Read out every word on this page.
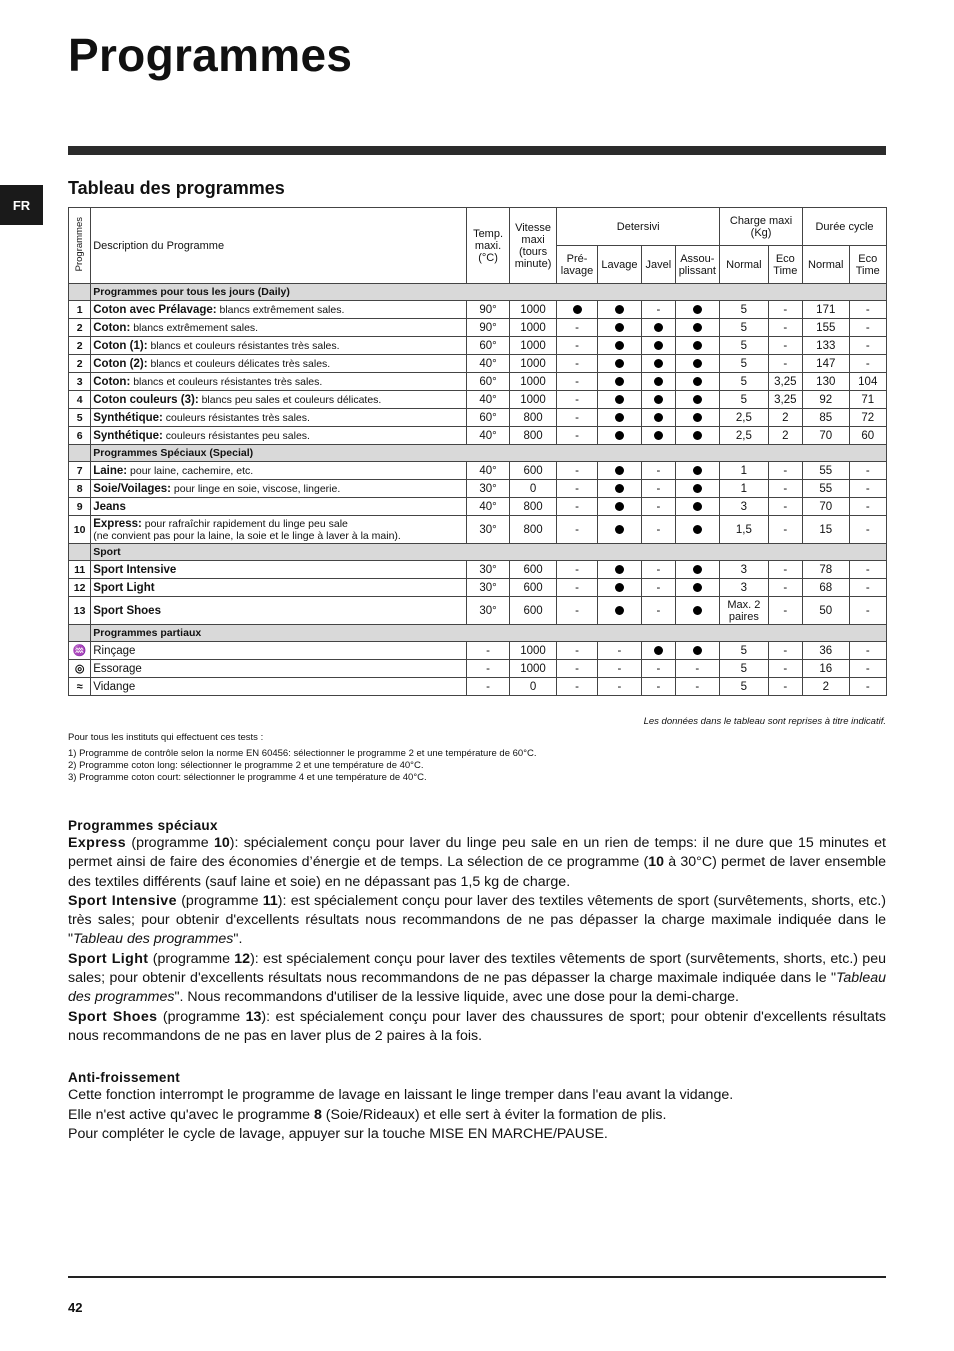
Programmes
FR
Tableau des programmes
Programmes	Description du Programme	Temp. maxi. (°C)	Vitesse maxi (tours minute)	Detersivi				Charge maxi (Kg)		Durée cycle	
				Pré- lavage	Lavage	Javel	Assou- plissant	Normal	Eco Time	Normal	Eco Time
	Programmes pour tous les jours (Daily)										
1	Coton avec Prélavage: blancs extrêmement sales.	90°	1000			-		5	-	171	-
2	Coton: blancs extrêmement sales.	90°	1000	-				5	-	155	-
2	Coton (1): blancs et couleurs résistantes très sales.	60°	1000	-				5	-	133	-
2	Coton (2): blancs et couleurs délicates très sales.	40°	1000	-				5	-	147	-
3	Coton: blancs et couleurs résistantes très sales.	60°	1000	-				5	3,25	130	104
4	Coton couleurs (3): blancs peu sales et couleurs délicates.	40°	1000	-				5	3,25	92	71
5	Synthétique: couleurs résistantes très sales.	60°	800	-				2,5	2	85	72
6	Synthétique: couleurs résistantes peu sales.	40°	800	-				2,5	2	70	60
	Programmes Spéciaux (Special)										
7	Laine: pour laine, cachemire, etc.	40°	600	-		-		1	-	55	-
8	Soie/Voilages: pour linge en soie, viscose, lingerie.	30°	0	-		-		1	-	55	-
9	Jeans	40°	800	-		-		3	-	70	-
10	Express: pour rafraîchir rapidement du linge peu sale
(ne convient pas pour la laine, la soie et le linge à laver à la main).	30°	800	-		-		1,5	-	15	-
	Sport										
11	Sport Intensive	30°	600	-		-		3	-	78	-
12	Sport Light	30°	600	-		-		3	-	68	-
13	Sport Shoes	30°	600	-		-		Max. 2 paires	-	50	-
	Programmes partiaux										
♒	Rinçage	-	1000	-	-			5	-	36	-
◎	Essorage	-	1000	-	-	-	-	5	-	16	-
≈	Vidange	-	0	-	-	-	-	5	-	2	-
Les données dans le tableau sont reprises à titre indicatif.
Pour tous les instituts qui effectuent ces tests :
1) Programme de contrôle selon la norme EN 60456: sélectionner le programme 2 et une température de 60°C.
2) Programme coton long: sélectionner le programme 2 et une température de 40°C.
3) Programme coton court: sélectionner le programme 4 et une température de 40°C.
Programmes spéciaux

Express (programme 10): spécialement conçu pour laver du linge peu sale en un rien de temps: il ne dure que 15 minutes et permet ainsi de faire des économies d’énergie et de temps. La sélection de ce programme (10 à 30°C) permet de laver ensemble des textiles différents (sauf laine et soie) en ne dépassant pas 1,5 kg de charge.

Sport Intensive (programme 11): est spécialement conçu pour laver des textiles vêtements de sport (survêtements, shorts, etc.) très sales; pour obtenir d'excellents résultats nous recommandons de ne pas dépasser la charge maximale indiquée dans le "Tableau des programmes".

Sport Light (programme 12): est spécialement conçu pour laver des textiles vêtements de sport (survêtements, shorts, etc.) peu sales; pour obtenir d'excellents résultats nous recommandons de ne pas dépasser la charge maximale indiquée dans le "Tableau des programmes". Nous recommandons d'utiliser de la lessive liquide, avec une dose pour la demi-charge.

Sport Shoes (programme 13): est spécialement conçu pour laver des chaussures de sport; pour obtenir d'excellents résultats nous recommandons de ne pas en laver plus de 2 paires à la fois.

Anti-froissement

Cette fonction interrompt le programme de lavage en laissant le linge tremper dans l'eau avant la vidange.

Elle n'est active qu'avec le programme 8 (Soie/Rideaux) et elle sert à éviter la formation de plis.

Pour compléter le cycle de lavage, appuyer sur la touche MISE EN MARCHE/PAUSE.

42
